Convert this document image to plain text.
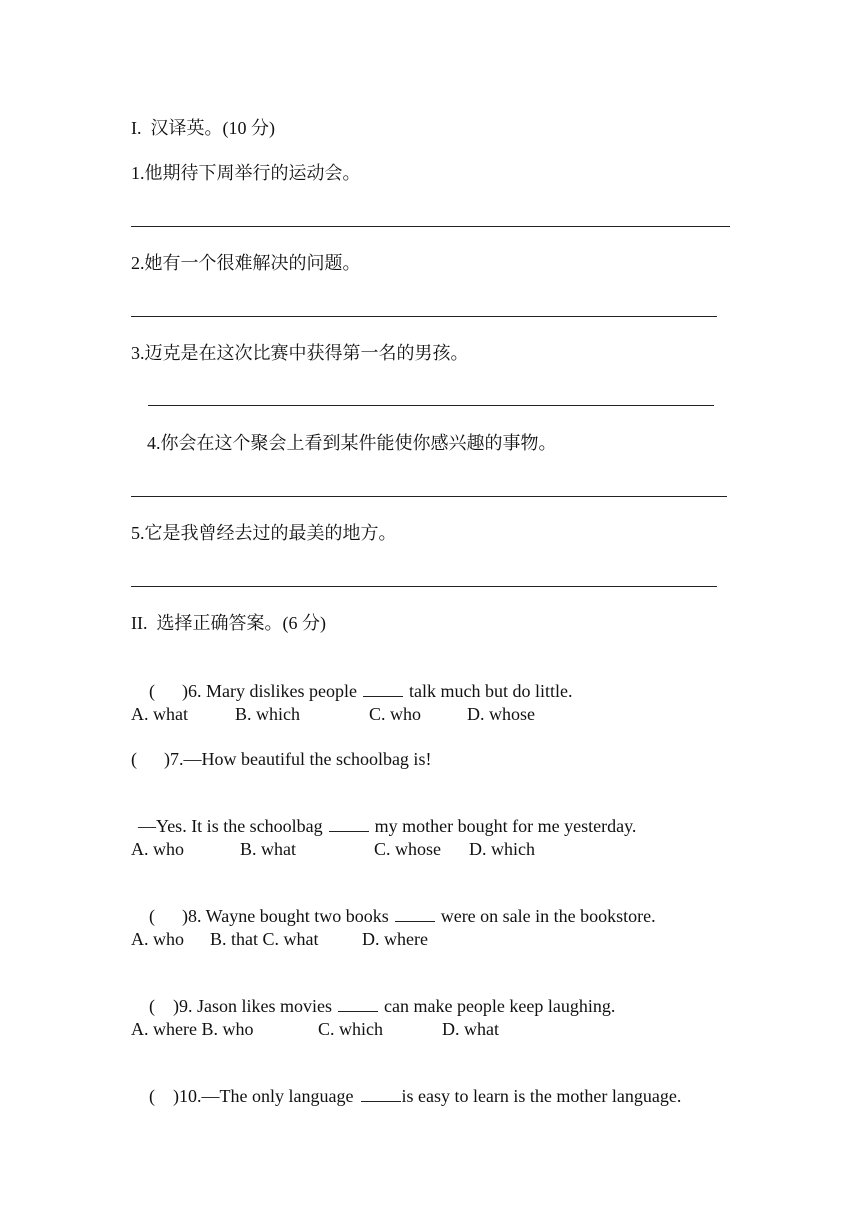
I.  汉译英。(10 分)
1.他期待下周举行的运动会。
2.她有一个很难解决的问题。
3.迈克是在这次比赛中获得第一名的男孩。
4.你会在这个聚会上看到某件能使你感兴趣的事物。
5.它是我曾经去过的最美的地方。
II.  选择正确答案。(6 分)

(      )6. Mary dislikes people	talk much but do little.

A. what	B. which	C. who	D. whose
(      )7.—How beautiful the schoolbag is!

—Yes. It is the schoolbag	my mother bought for me yesterday.

A. who	B. what	C. whose D. which

(      )8. Wayne bought two books	were on sale in the bookstore.

A. who B. that C. what D. where

(    )9. Jason likes movies	can make people keep laughing.

A. where B. who	C. which	D. what

(    )10.—The only language	is easy to learn is the mother language.
